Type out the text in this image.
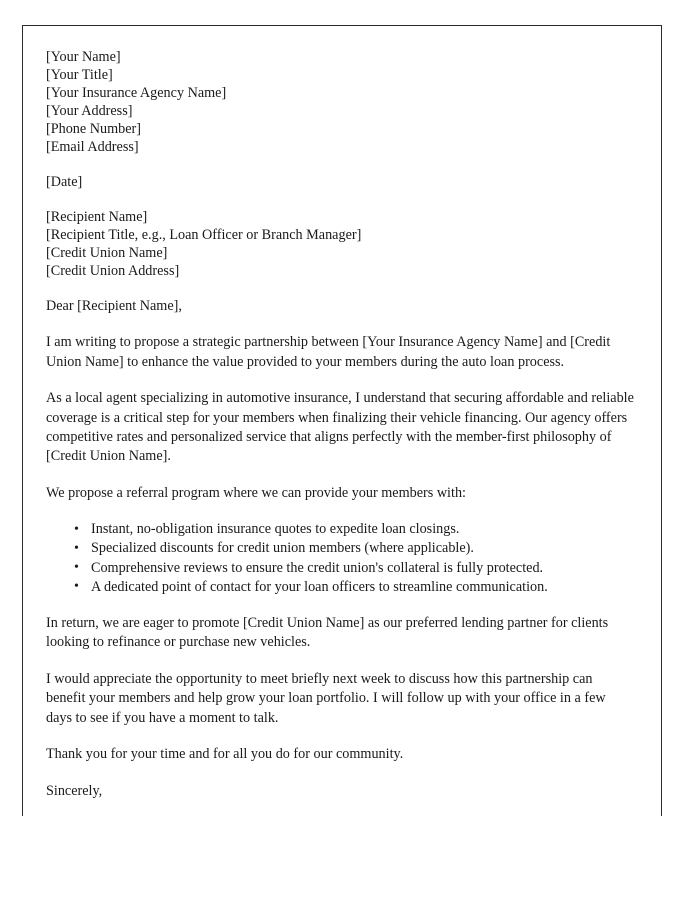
[Your Name]
[Your Title]
[Your Insurance Agency Name]
[Your Address]
[Phone Number]
[Email Address]
[Date]
[Recipient Name]
[Recipient Title, e.g., Loan Officer or Branch Manager]
[Credit Union Name]
[Credit Union Address]

Dear [Recipient Name],

I am writing to propose a strategic partnership between [Your Insurance Agency Name] and [Credit Union Name] to enhance the value provided to your members during the auto loan process.

As a local agent specializing in automotive insurance, I understand that securing affordable and reliable coverage is a critical step for your members when finalizing their vehicle financing. Our agency offers competitive rates and personalized service that aligns perfectly with the member-first philosophy of [Credit Union Name].

We propose a referral program where we can provide your members with:

• Instant, no-obligation insurance quotes to expedite loan closings.
• Specialized discounts for credit union members (where applicable).
• Comprehensive reviews to ensure the credit union's collateral is fully protected.
• A dedicated point of contact for your loan officers to streamline communication.

In return, we are eager to promote [Credit Union Name] as our preferred lending partner for clients looking to refinance or purchase new vehicles.

I would appreciate the opportunity to meet briefly next week to discuss how this partnership can benefit your members and help grow your loan portfolio. I will follow up with your office in a few days to see if you have a moment to talk.

Thank you for your time and for all you do for our community.

Sincerely,
